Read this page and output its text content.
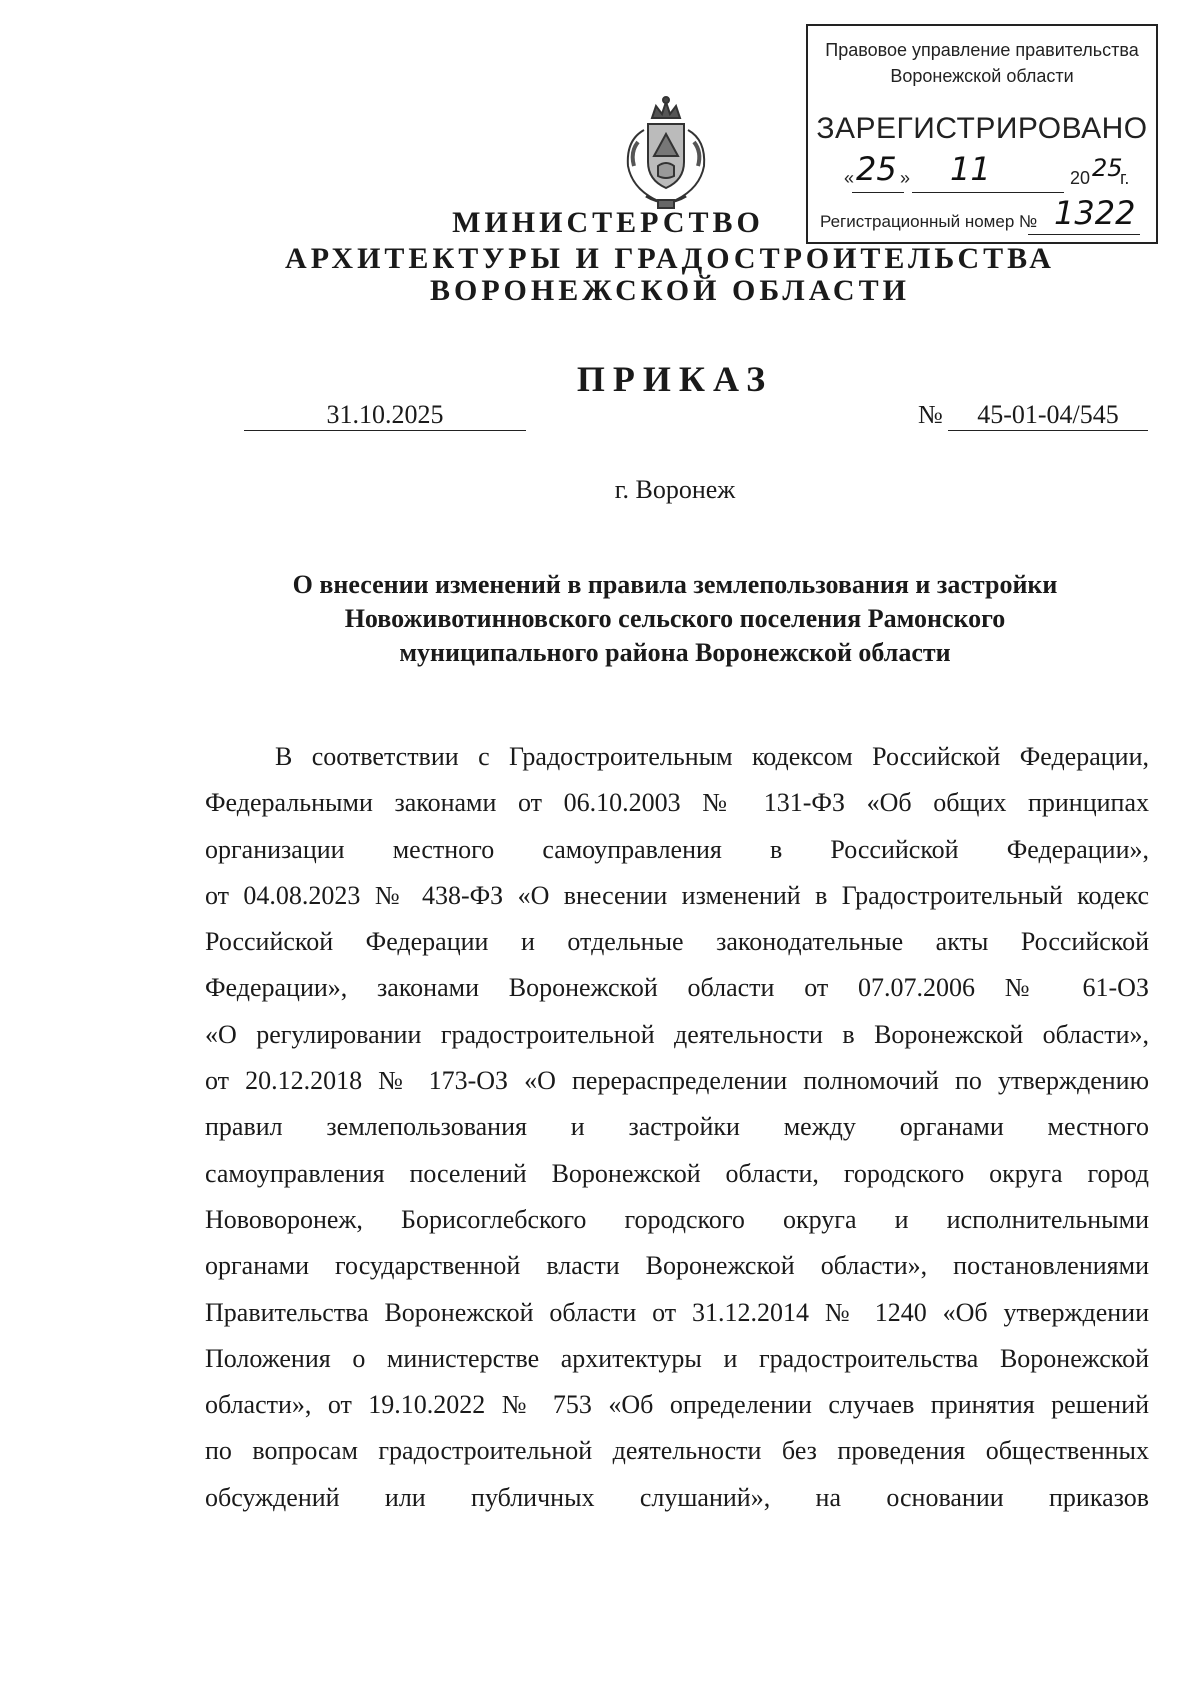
Правовое управление правительства
Воронежской области
ЗАРЕГИСТРИРОВАНО
« 25 » 11	20 25
г.
Регистрационный номер № 1322
МИНИСТЕРСТВО
АРХИТЕКТУРЫ И ГРАДОСТРОИТЕЛЬСТВА
ВОРОНЕЖСКОЙ ОБЛАСТИ
ПРИКАЗ
31.10.2025	№	45-01-04/545
г. Воронеж
О внесении изменений в правила землепользования и застройки
Новоживотинновского сельского поселения Рамонского
муниципального района Воронежской области
В соответствии с Градостроительным кодексом Российской Федерации,
Федеральными законами от 06.10.2003 № 131-ФЗ «Об общих принципах
организации местного самоуправления в Российской Федерации»,
от 04.08.2023 № 438-ФЗ «О внесении изменений в Градостроительный кодекс
Российской Федерации и отдельные законодательные акты Российской
Федерации», законами Воронежской области от 07.07.2006 № 61-ОЗ
«О регулировании градостроительной деятельности в Воронежской области»,
от 20.12.2018 № 173-ОЗ «О перераспределении полномочий по утверждению
правил землепользования и застройки между органами местного
самоуправления поселений Воронежской области, городского округа город
Нововоронеж, Борисоглебского городского округа и исполнительными
органами государственной власти Воронежской области», постановлениями
Правительства Воронежской области от 31.12.2014 № 1240 «Об утверждении
Положения о министерстве архитектуры и градостроительства Воронежской
области», от 19.10.2022 № 753 «Об определении случаев принятия решений
по вопросам градостроительной деятельности без проведения общественных
обсуждений или публичных слушаний», на основании приказов
